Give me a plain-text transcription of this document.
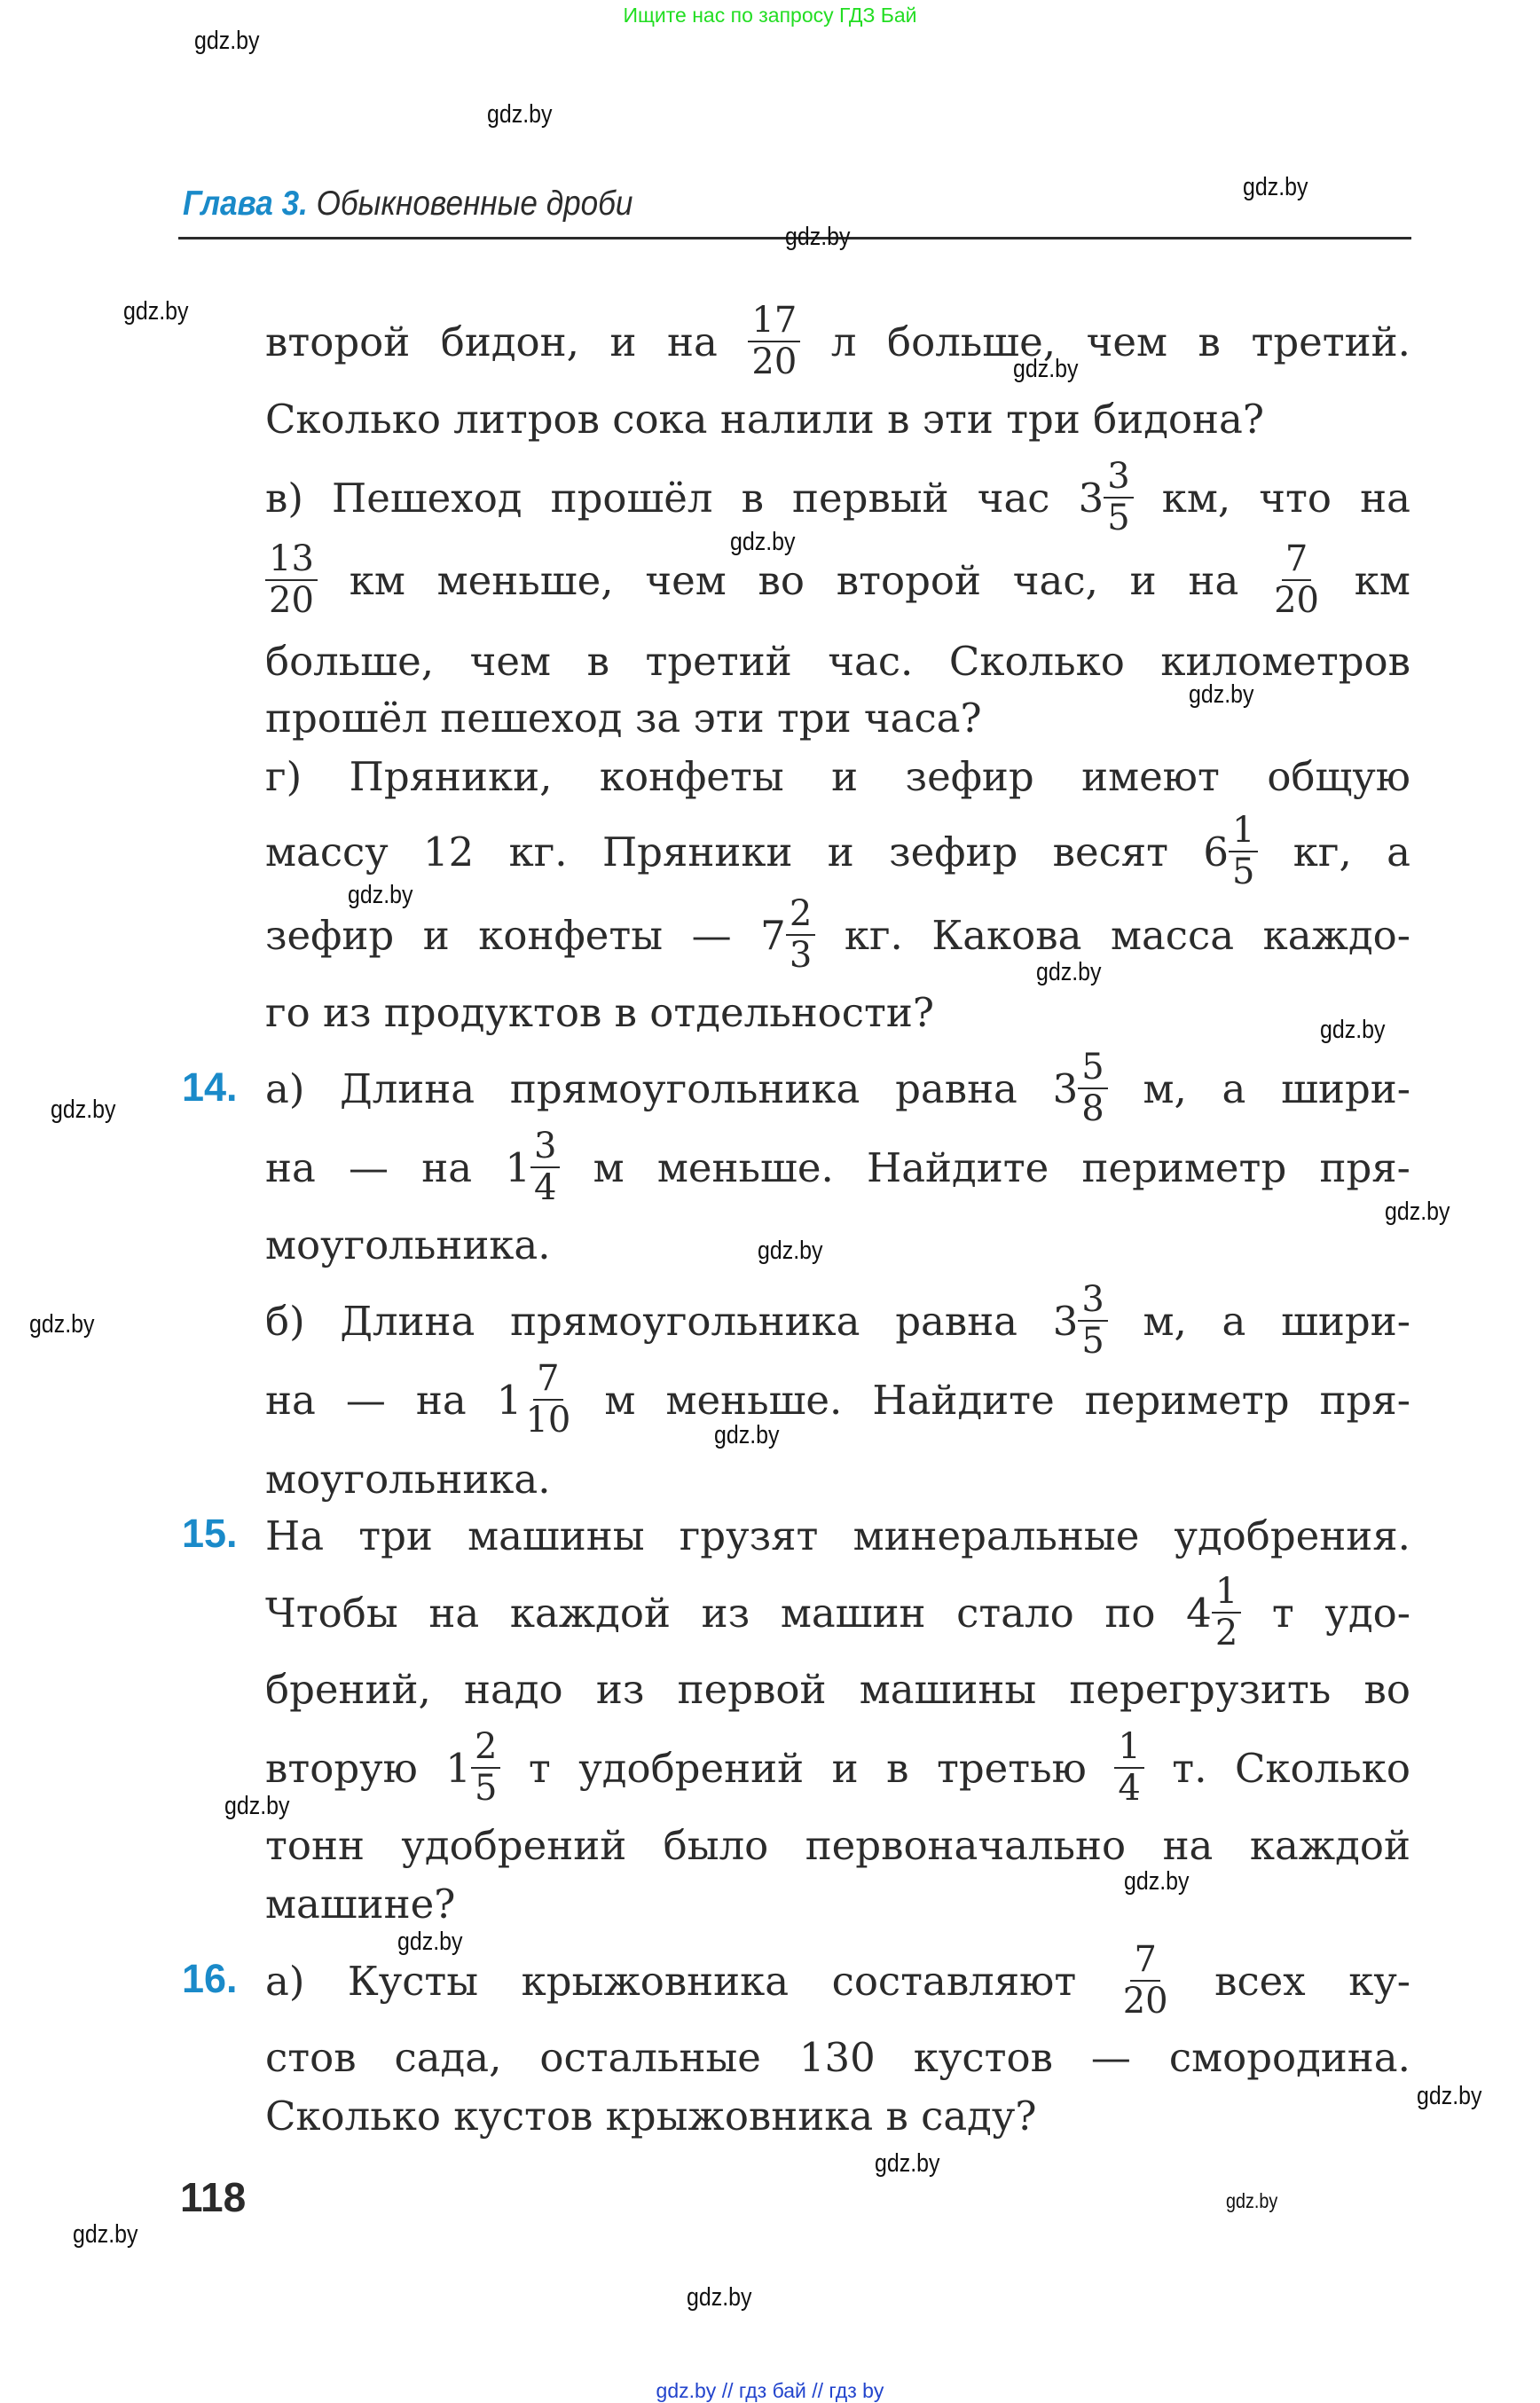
Ищите нас по запросу ГДЗ Бай
Глава 3. Обыкновенные дроби
второй бидон, и на $\frac{17}{20}$ л больше, чем в третий.
Сколько литров сока налили в эти три бидона?
в) Пешеход прошёл в первый час $3 \frac{3}{5}$ км, что на
$\frac{13}{20}$ км меньше, чем во второй час, и на $\frac{7}{20}$ км
больше, чем в третий час. Сколько километров
прошёл пешеход за эти три часа?
г) Пряники, конфеты и зефир имеют общую
массу 12 кг. Пряники и зефир весят $6 \frac{1}{5}$ кг, а
зефир и конфеты — $7 \frac{2}{3}$ кг. Какова масса каждо-
го из продуктов в отдельности?
а) Длина прямоугольника равна $3 \frac{5}{8} м$, а шири-
на — на $1 \frac{3}{4}$ м меньше. Найдите периметр пря-
моугольника.
б) Длина прямоугольника равна $3 \frac{3}{5} м$, а шири-
на — на $1 \frac{7}{10}$ м меньше. Найдите периметр пря-
моугольника.
На три машины грузят минеральные удобрения.
Чтобы на каждой из машин стало по $4 \frac{1}{2}$ т удо-
брений, надо из первой машины перегрузить во
вторую $1 \frac{2}{5}$ т удобрений и в третью $\frac{1}{4} т$. Сколько
тонн удобрений было первоначально на каждой
машине?
а) Кусты крыжовника составляют $\frac{7}{20}$ всех ку-
стов сада, остальные 130 кустов — смородина.
Сколько кустов крыжовника в саду?
14.
15.
16.
118
gdz.by
gdz.by
gdz.by
gdz.by
gdz.by
gdz.by
gdz.by
gdz.by
gdz.by
gdz.by
gdz.by
gdz.by
gdz.by
gdz.by
gdz.by
gdz.by
gdz.by
gdz.by
gdz.by
gdz.by
gdz.by
gdz.by
gdz.by
gdz.by
gdz.by // гдз бай // гдз by
